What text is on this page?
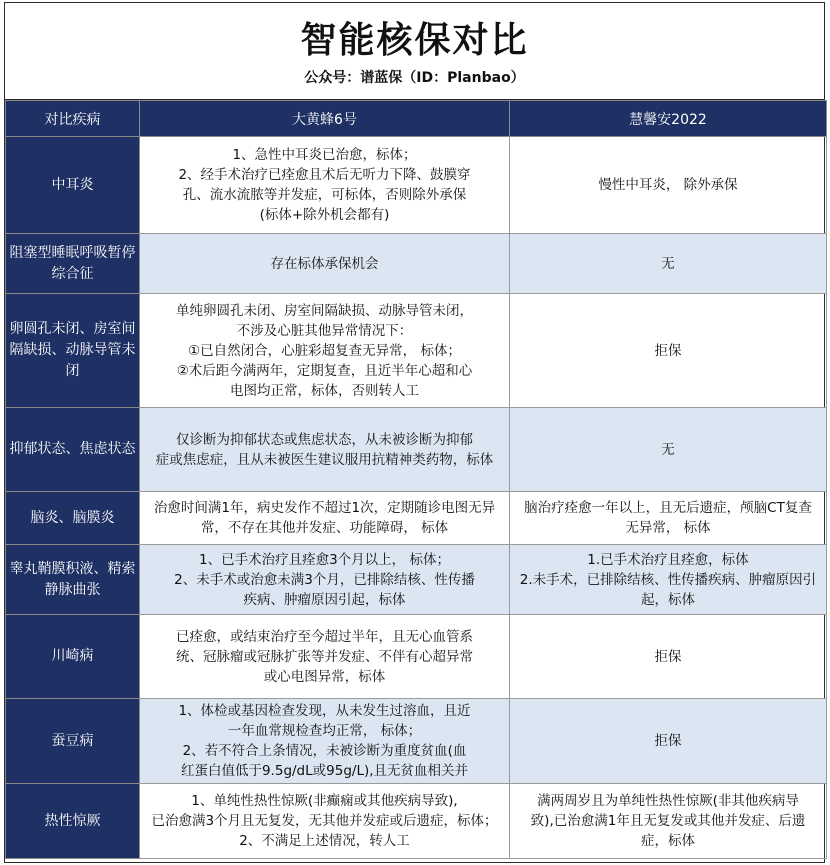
智能核保对比
公众号：谱蓝保（ID：Planbao）
对比疾病	大黄蜂6号	慧馨安2022

中耳炎	1、急性中耳炎已治愈，标体；
2、经手术治疗已痊愈且术后无听力下降、鼓膜穿
孔、流水流脓等并发症，可标体，否则除外承保
(标体+除外机会都有)	慢性中耳炎， 除外承保

阻塞型睡眠呼吸暂停
综合征	存在标体承保机会	无

卵圆孔未闭、房室间
隔缺损、动脉导管未
闭	单纯卵圆孔未闭、房室间隔缺损、动脉导管未闭，
不涉及心脏其他异常情况下：
①已自然闭合，心脏彩超复查无异常， 标体；
②术后距今满两年，定期复查，且近半年心超和心
电图均正常，标体，否则转人工	拒保

抑郁状态、焦虑状态	仅诊断为抑郁状态或焦虑状态，从未被诊断为抑郁
症或焦虑症，且从未被医生建议服用抗精神类药物，标体	无

脑炎、脑膜炎	治愈时间满1年，病史发作不超过1次，定期随诊电图无异
常，不存在其他并发症、功能障碍， 标体	脑治疗痊愈一年以上，且无后遗症，颅脑CT复查
无异常， 标体

睾丸鞘膜积液、精索
静脉曲张	1、已手术治疗且痊愈3个月以上， 标体；
2、未手术或治愈未满3个月，已排除结核、性传播
疾病、肿瘤原因引起，标体	1.已手术治疗且痊愈，标体
2.未手术，已排除结核、性传播疾病、肿瘤原因引
起，标体

川崎病	已痊愈，或结束治疗至今超过半年，且无心血管系
统、冠脉瘤或冠脉扩张等并发症、不伴有心超异常
或心电图异常，标体	拒保

蚕豆病	1、体检或基因检查发现，从未发生过溶血，且近
一年血常规检查均正常， 标体；
2、若不符合上条情况，未被诊断为重度贫血(血
红蛋白值低于9.5g/dL或95g/L),且无贫血相关并	拒保

热性惊厥	1、单纯性热性惊厥(非癫痫或其他疾病导致),
已治愈满3个月且无复发，无其他并发症或后遗症，标体；
2、不满足上述情况，转人工	满两周岁且为单纯性热性惊厥(非其他疾病导
致),已治愈满1年且无复发或其他并发症、后遗
症，标体
